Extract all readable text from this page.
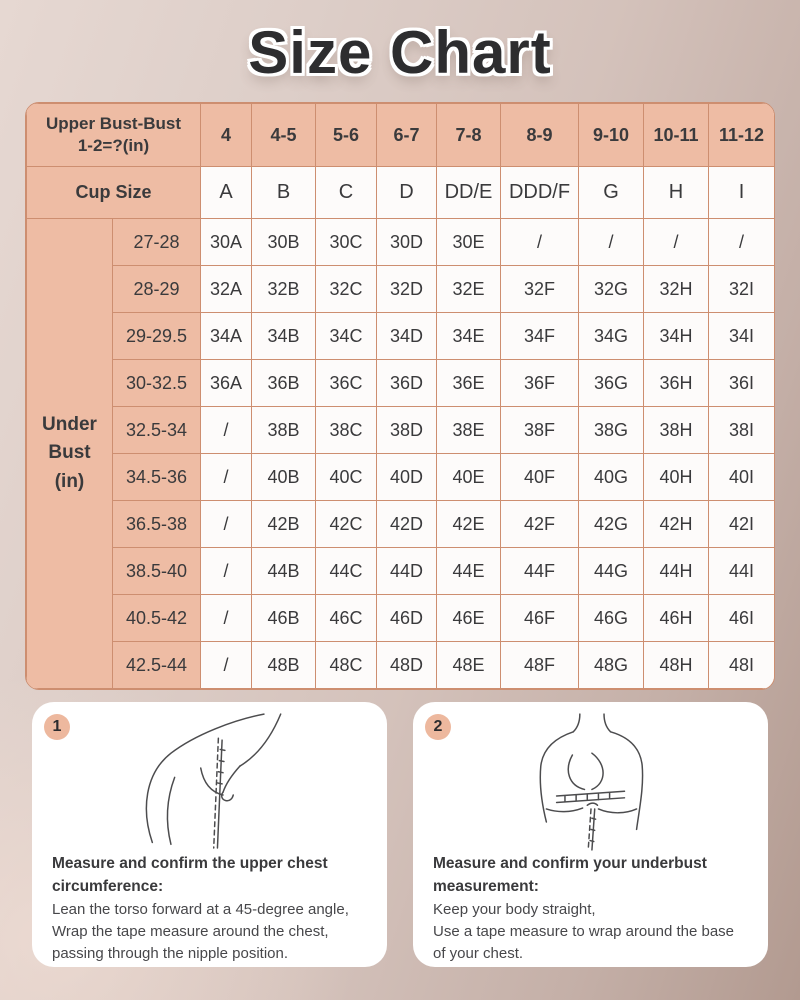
Size Chart
Upper Bust-Bust
1-2=?(in)		4	4-5	5-6	6-7	7-8	8-9	9-10	10-11	11-12
Cup Size		A	B	C	D	DD/E	DDD/F	G	H	I

Under
Bust
(in)	27-28	30A	30B	30C	30D	30E	/	/	/	/
	28-29	32A	32B	32C	32D	32E	32F	32G	32H	32I
	29-29.5	34A	34B	34C	34D	34E	34F	34G	34H	34I
	30-32.5	36A	36B	36C	36D	36E	36F	36G	36H	36I
	32.5-34	/	38B	38C	38D	38E	38F	38G	38H	38I
	34.5-36	/	40B	40C	40D	40E	40F	40G	40H	40I
	36.5-38	/	42B	42C	42D	42E	42F	42G	42H	42I
	38.5-40	/	44B	44C	44D	44E	44F	44G	44H	44I
	40.5-42	/	46B	46C	46D	46E	46F	46G	46H	46I
	42.5-44	/	48B	48C	48D	48E	48F	48G	48H	48I
1

Measure and confirm the upper chest circumference:

Lean the torso forward at a 45-degree angle,

Wrap the tape measure around the chest,

passing through the nipple position.

2

Measure and confirm your underbust measurement:

Keep your body straight,

Use a tape measure to wrap around the base of your chest.
